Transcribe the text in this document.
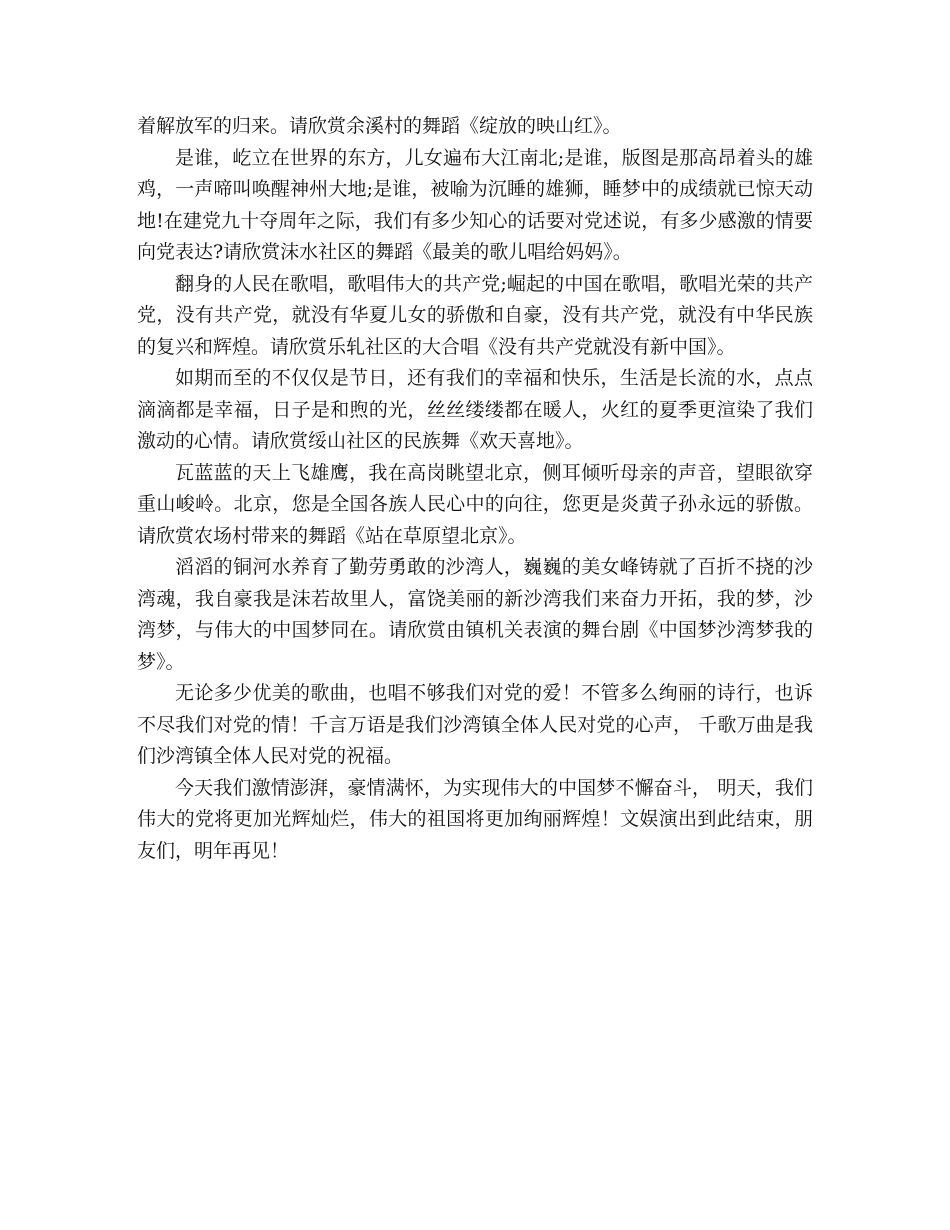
着解放军的归来。请欣赏余溪村的舞蹈《绽放的映山红》。

是谁，屹立在世界的东方，儿女遍布大江南北;是谁，版图是那高昂着头的雄鸡，一声啼叫唤醒神州大地;是谁，被喻为沉睡的雄狮，睡梦中的成绩就已惊天动地!在建党九十夺周年之际，我们有多少知心的话要对党述说，有多少感激的情要向党表达?请欣赏沫水社区的舞蹈《最美的歌儿唱给妈妈》。

翻身的人民在歌唱，歌唱伟大的共产党;崛起的中国在歌唱，歌唱光荣的共产党，没有共产党，就没有华夏儿女的骄傲和自豪，没有共产党，就没有中华民族的复兴和辉煌。请欣赏乐轧社区的大合唱《没有共产党就没有新中国》。

如期而至的不仅仅是节日，还有我们的幸福和快乐，生活是长流的水，点点滴滴都是幸福，日子是和煦的光，丝丝缕缕都在暖人，火红的夏季更渲染了我们激动的心情。请欣赏绥山社区的民族舞《欢天喜地》。

瓦蓝蓝的天上飞雄鹰，我在高岗眺望北京，侧耳倾听母亲的声音，望眼欲穿重山峻岭。北京，您是全国各族人民心中的向往，您更是炎黄子孙永远的骄傲。请欣赏农场村带来的舞蹈《站在草原望北京》。

滔滔的铜河水养育了勤劳勇敢的沙湾人，巍巍的美女峰铸就了百折不挠的沙湾魂，我自豪我是沫若故里人，富饶美丽的新沙湾我们来奋力开拓，我的梦，沙湾梦，与伟大的中国梦同在。请欣赏由镇机关表演的舞台剧《中国梦沙湾梦我的梦》。

无论多少优美的歌曲，也唱不够我们对党的爱！不管多么绚丽的诗行，也诉不尽我们对党的情！千言万语是我们沙湾镇全体人民对党的心声， 千歌万曲是我们沙湾镇全体人民对党的祝福。

今天我们激情澎湃，豪情满怀，为实现伟大的中国梦不懈奋斗， 明天，我们伟大的党将更加光辉灿烂，伟大的祖国将更加绚丽辉煌！文娱演出到此结束，朋友们，明年再见！
